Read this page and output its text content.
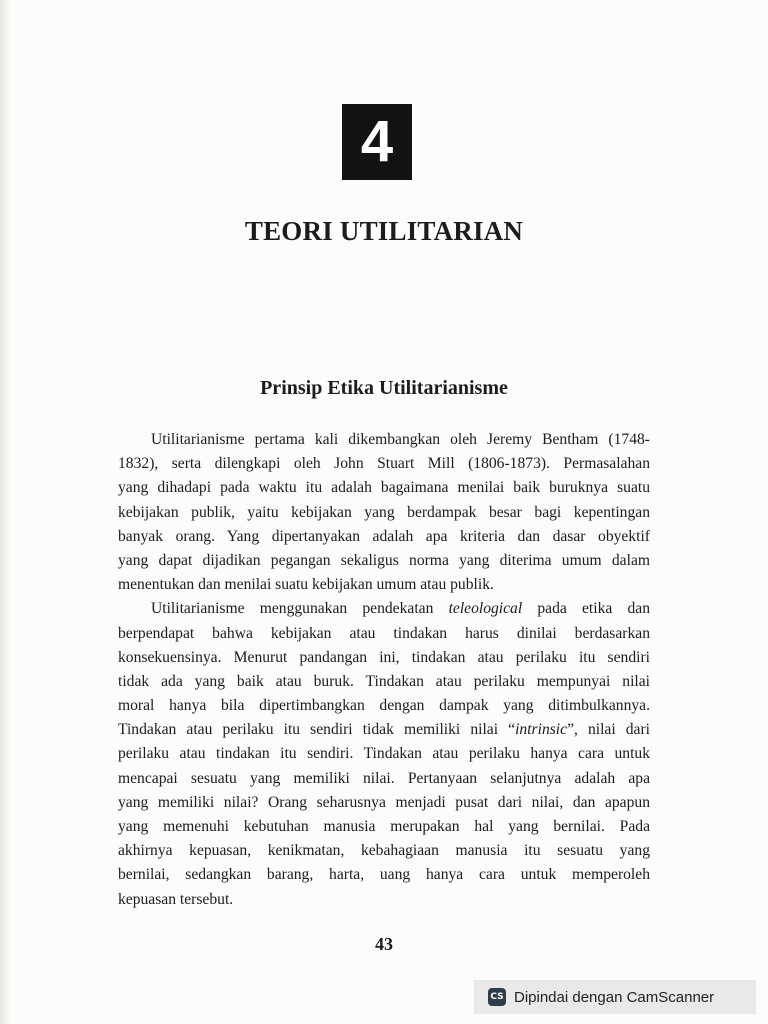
4
TEORI UTILITARIAN
Prinsip Etika Utilitarianisme
Utilitarianisme pertama kali dikembangkan oleh Jeremy Bentham (1748-
1832), serta dilengkapi oleh John Stuart Mill (1806-1873). Permasalahan
yang dihadapi pada waktu itu adalah bagaimana menilai baik buruknya suatu
kebijakan publik, yaitu kebijakan yang berdampak besar bagi kepentingan
banyak orang. Yang dipertanyakan adalah apa kriteria dan dasar obyektif
yang dapat dijadikan pegangan sekaligus norma yang diterima umum dalam
menentukan dan menilai suatu kebijakan umum atau publik.
Utilitarianisme menggunakan pendekatan teleological pada etika dan
berpendapat bahwa kebijakan atau tindakan harus dinilai berdasarkan
konsekuensinya. Menurut pandangan ini, tindakan atau perilaku itu sendiri
tidak ada yang baik atau buruk. Tindakan atau perilaku mempunyai nilai
moral hanya bila dipertimbangkan dengan dampak yang ditimbulkannya.
Tindakan atau perilaku itu sendiri tidak memiliki nilai “intrinsic”, nilai dari
perilaku atau tindakan itu sendiri. Tindakan atau perilaku hanya cara untuk
mencapai sesuatu yang memiliki nilai. Pertanyaan selanjutnya adalah apa
yang memiliki nilai? Orang seharusnya menjadi pusat dari nilai, dan apapun
yang memenuhi kebutuhan manusia merupakan hal yang bernilai. Pada
akhirnya kepuasan, kenikmatan, kebahagiaan manusia itu sesuatu yang
bernilai, sedangkan barang, harta, uang hanya cara untuk memperoleh
kepuasan tersebut.
43
CS Dipindai dengan CamScanner
